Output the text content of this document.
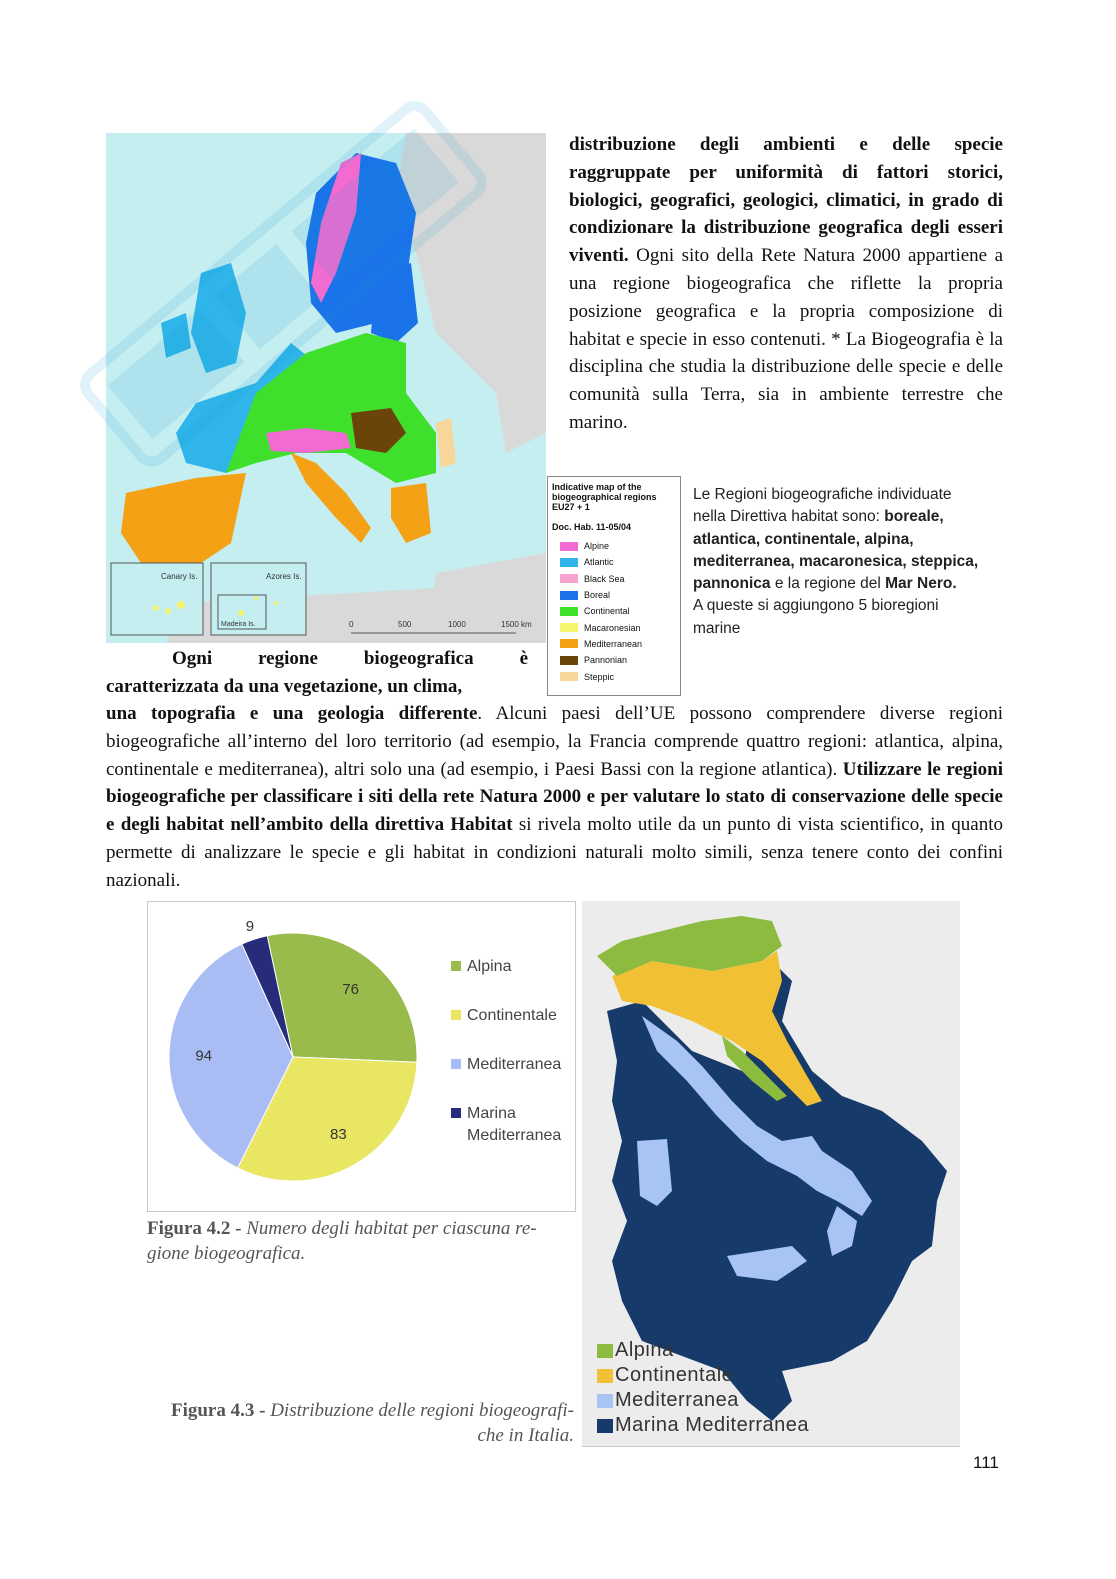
Canary Is.	Azores Is.
Madeira Is.	0	500	1000	1500 km

distribuzione degli ambienti e delle specie raggruppate per uniformità di fattori storici, biologici, geografici, geologici, climatici, in grado di condizionare la distribuzione geografica degli esseri viventi. Ogni sito della Rete Natura 2000 appartiene a una regione biogeografica che riflette la propria posizione geografica e la propria composizione di habitat e specie in esso contenuti. * La Biogeografia è la disciplina che studia la distribuzione delle specie e delle comunità sulla Terra, sia in ambiente terrestre che marino.

Indicative map of the biogeographical regions EU27 + 1
Doc. Hab. 11-05/04
Alpine
Atlantic
Black Sea
Boreal
Continental
Macaronesian
Mediterranean
Pannonian
Steppic
Le Regioni biogeografiche individuate
nella Direttiva habitat sono: boreale,
atlantica, continentale, alpina,
mediterranea, macaronesica, steppica,
pannonica e la regione del Mar Nero.
A queste si aggiungono 5 bioregioni
marine
Ogni regione biogeografica è
caratterizzata da una vegetazione, un clima,

una topografia e una geologia differente. Alcuni paesi dell’UE possono comprendere diverse regioni biogeografiche all’interno del loro territorio (ad esempio, la Francia comprende quattro regioni: atlantica, alpina, continentale e mediterranea), altri solo una (ad esempio, i Paesi Bassi con la regione atlantica). Utilizzare le regioni biogeografiche per classificare i siti della rete Natura 2000 e per valutare lo stato di conservazione delle specie e degli habitat nell’ambito della direttiva Habitat si rivela molto utile da un punto di vista scientifico, in quanto permette di analizzare le specie e gli habitat in condizioni naturali molto simili, senza tenere conto dei confini nazionali.

76
83
94
9
Alpina
Continentale
Mediterranea
Marina
Mediterranea
Figura 4.2 - Numero degli habitat per ciascuna re-gione biogeografica.
Alpina
Continentale
Mediterranea
Marina Mediterranea
Figura 4.3 - Distribuzione delle regioni biogeografi-
che in Italia.
111
